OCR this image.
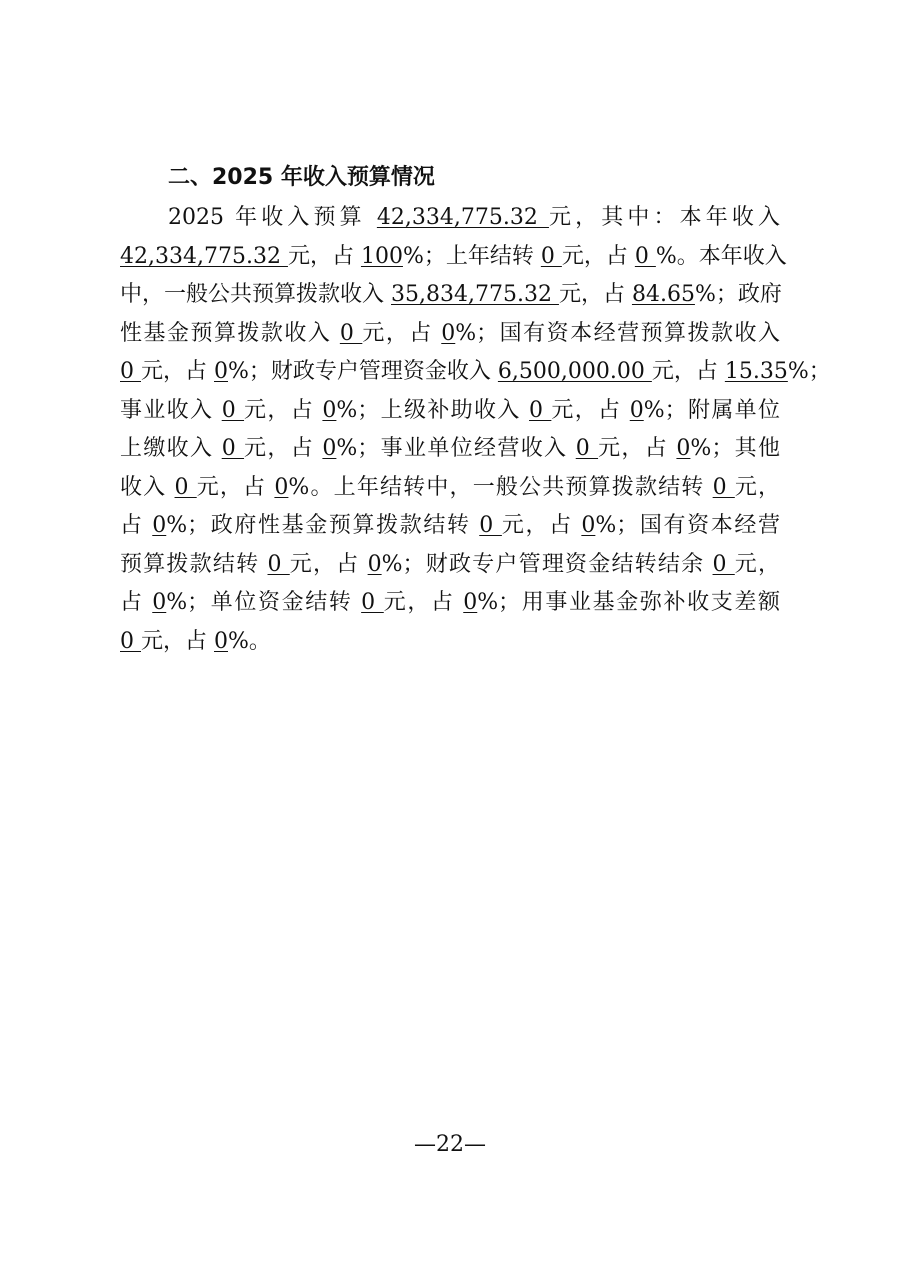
二、2025 年收入预算情况
2025 年收入预算 42,334,775.32 元，其中：本年收入
42,334,775.32 元，占 100%；上年结转 0 元，占 0 %。本年收入
中，一般公共预算拨款收入 35,834,775.32 元，占 84.65%；政府
性基金预算拨款收入 0 元，占 0%；国有资本经营预算拨款收入
0 元，占 0%；财政专户管理资金收入 6,500,000.00 元，占 15.35%；
事业收入 0 元，占 0%；上级补助收入 0 元，占 0%；附属单位
上缴收入 0 元，占 0%；事业单位经营收入 0 元，占 0%；其他
收入 0 元，占 0%。上年结转中，一般公共预算拨款结转 0 元，
占 0%；政府性基金预算拨款结转 0 元，占 0%；国有资本经营
预算拨款结转 0 元，占 0%；财政专户管理资金结转结余 0 元，
占 0%；单位资金结转 0 元，占 0%；用事业基金弥补收支差额
0 元，占 0%。
—22—
